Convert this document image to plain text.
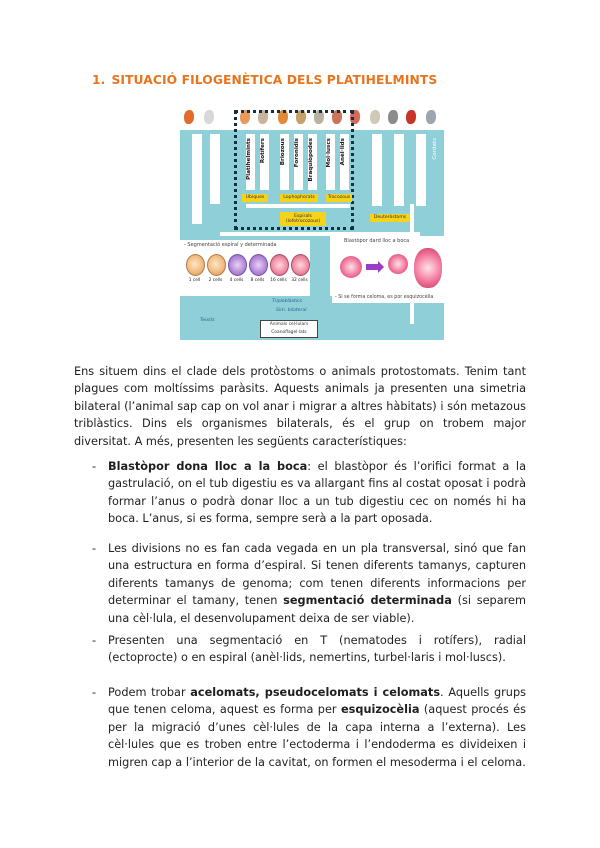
1. SITUACIÓ FILOGENÈTICA DELS PLATIHELMINTS
Porífers Cnidaris	Platihelmints Rotífers	Briozous Foronidis Braquiòpodes Mol·luscs Anèl·lids	Nematodes	Artròpodes	Equinoderms Cordats
Ubiques	Lophophorats	Trocozous
Espirals (lofotrocozous)
Deuteròstoms
- Segmentació espiral y determinada
1 cell	2 cells	4 cells	8 cells	16 cells 32 cells
Blastòpor dard lloc a boca
- Si se forma celoma, es por esquizocèlia
Triploblàstics
Sim. bilateral
Teixits
Animals cel·lulars
Coanoflagel·lats

Ens situem dins el clade dels protòstoms o animals protostomats. Tenim tant plagues com moltíssims paràsits. Aquests animals ja presenten una simetria bilateral (l’animal sap cap on vol anar i migrar a altres hàbitats) i són metazous triblàstics. Dins els organismes bilaterals, és el grup on trobem major diversitat. A més, presenten les següents característiques:

- Blastòpor dona lloc a la boca: el blastòpor és l’orifici format a la gastrulació, on el tub digestiu es va allargant fins al costat oposat i podrà formar l’anus o podrà donar lloc a un tub digestiu cec on només hi ha boca. L’anus, si es forma, sempre serà a la part oposada.
- Les divisions no es fan cada vegada en un pla transversal, sinó que fan una estructura en forma d’espiral. Si tenen diferents tamanys, capturen diferents tamanys de genoma; com tenen diferents informacions per determinar el tamany, tenen segmentació determinada (si separem una cèl·lula, el desenvolupament deixa de ser viable).
- Presenten una segmentació en T (nematodes i rotífers), radial (ectoprocte) o en espiral (anèl·lids, nemertins, turbel·laris i mol·luscs).
- Podem trobar acelomats, pseudocelomats i celomats. Aquells grups que tenen celoma, aquest es forma per esquizocèlia (aquest procés és per la migració d’unes cèl·lules de la capa interna a l’externa). Les cèl·lules que es troben entre l’ectoderma i l’endoderma es divideixen i migren cap a l’interior de la cavitat, on formen el mesoderma i el celoma.
